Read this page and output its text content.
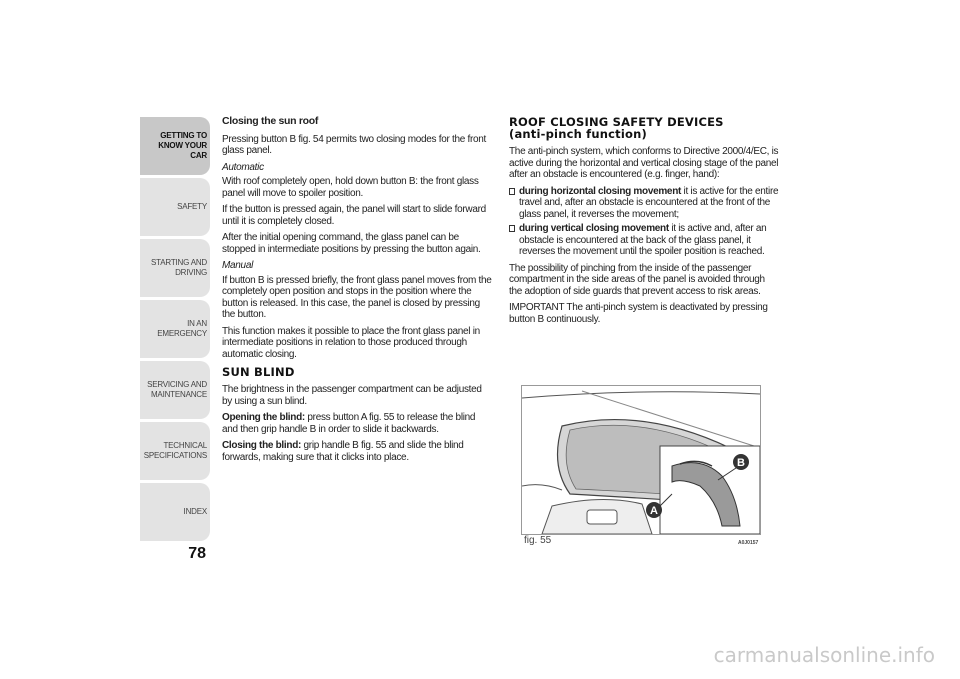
GETTING TO
KNOW YOUR CAR
SAFETY
STARTING AND
DRIVING
IN AN EMERGENCY
SERVICING AND
MAINTENANCE
TECHNICAL
SPECIFICATIONS
INDEX
78

Closing the sun roof

Pressing button B fig. 54 permits two closing modes for the front glass panel.

Automatic

With roof completely open, hold down button B: the front glass panel will move to spoiler position.

If the button is pressed again, the panel will start to slide forward until it is completely closed.

After the initial opening command, the glass panel can be stopped in intermediate positions by pressing the button again.

Manual

If button B is pressed briefly, the front glass panel moves from the completely open position and stops in the position where the button is released. In this case, the panel is closed by pressing the button.

This function makes it possible to place the front glass panel in intermediate positions in relation to those produced through automatic closing.

SUN BLIND

The brightness in the passenger compartment can be adjusted by using a sun blind.

Opening the blind: press button A fig. 55 to release the blind and then grip handle B in order to slide it backwards.

Closing the blind: grip handle B fig. 55 and slide the blind forwards, making sure that it clicks into place.

ROOF CLOSING SAFETY DEVICES
(anti-pinch function)

The anti-pinch system, which conforms to Directive 2000/4/EC, is active during the horizontal and vertical closing stage of the panel after an obstacle is encountered (e.g. finger, hand):

during horizontal closing movement it is active for the entire travel and, after an obstacle is encountered at the front of the glass panel, it reverses the movement;
during vertical closing movement it is active and, after an obstacle is encountered at the back of the glass panel, it reverses the movement until the spoiler position is reached.

The possibility of pinching from the inside of the passenger compartment in the side areas of the panel is avoided through the adoption of side guards that prevent access to risk areas.

IMPORTANT The anti-pinch system is deactivated by pressing button B continuously.

B
A
fig. 55	A0J0157
carmanualsonline.info
